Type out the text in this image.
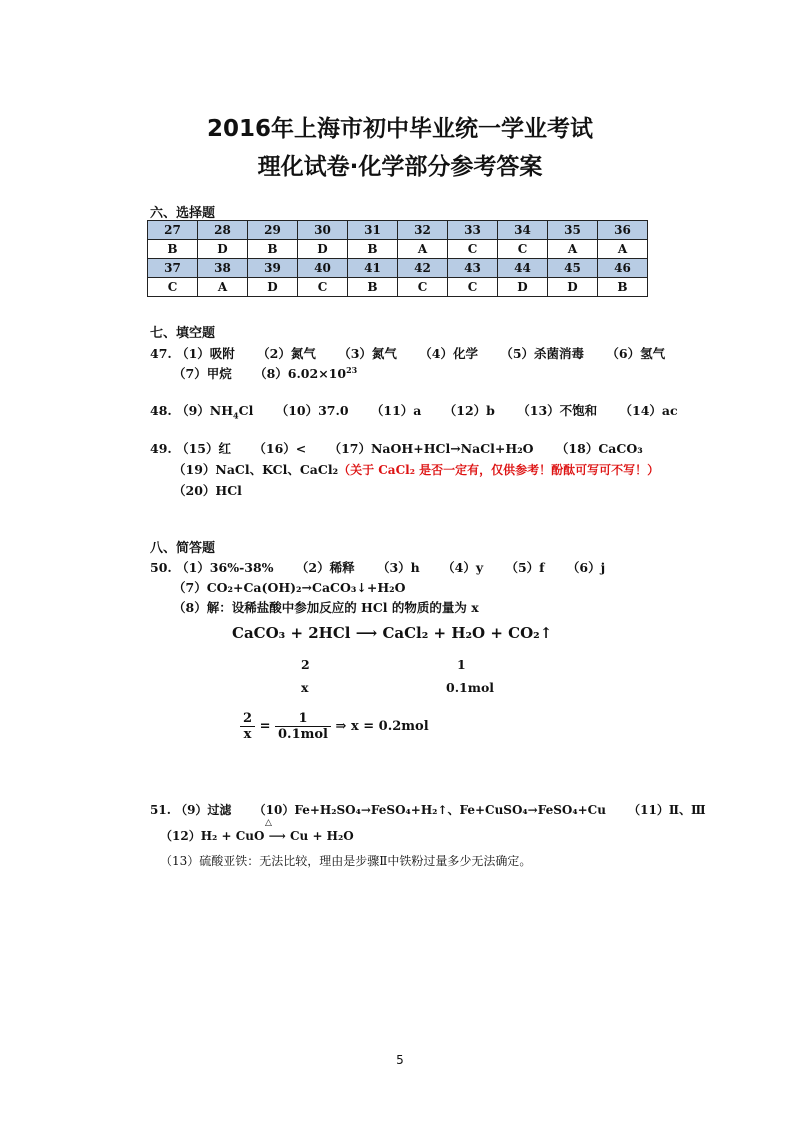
2016年上海市初中毕业统一学业考试
理化试卷·化学部分参考答案
六、选择题
27	28	29	30	31	32	33	34	35	36
B	D	B	D	B	A	C	C	A	A
37	38	39	40	41	42	43	44	45	46
C	A	D	C	B	C	C	D	D	B
七、填空题
47. （1）吸附 （2）氮气 （3）氮气 （4）化学 （5）杀菌消毒 （6）氢气
（7）甲烷 $(8)6.02\times 10^{23}$
48. $(9)NH_4Cl$ （10）37.0 （11）a （12）b （13）不饱和 （14）ac
49. （15）红 （16）< （17）NaOH+HCl→NaCl+H₂O （18）CaCO₃
（19）NaCl、KCl、CaCl₂（关于 CaCl₂ 是否一定有，仅供参考！酚酞可写可不写！）
（20）HCl
八、简答题
50. （1）36%-38% （2）稀释 （3）h （4）y （5）f （6）j
（7）CO₂+Ca(OH)₂→CaCO₃↓+H₂O
（8）解：设稀盐酸中参加反应的 HCl 的物质的量为 x
CaCO₃ + 2HCl ⟶ CaCl₂ + H₂O + CO₂↑
2	1
x	0.1mol
$\frac{2}{x} = \frac{1}{\text{0.1mol}}$ ⇒ x = 0.2mol
51. （9）过滤 （10）Fe+H₂SO₄→FeSO₄+H₂↑、Fe+CuSO₄→FeSO₄+Cu （11）Ⅱ、Ⅲ
（12）H₂ + CuO ⟶ Cu + H₂O
△
（13）硫酸亚铁：无法比较，理由是步骤Ⅱ中铁粉过量多少无法确定。
5
